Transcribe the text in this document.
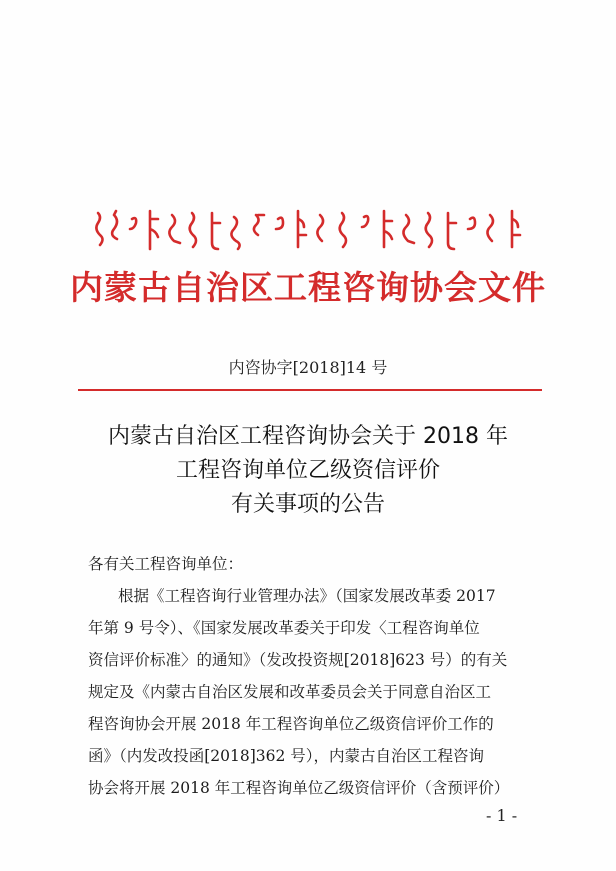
内蒙古自治区工程咨询协会文件
内咨协字[2018]14 号
内蒙古自治区工程咨询协会关于 2018 年
工程咨询单位乙级资信评价
有关事项的公告

各有关工程咨询单位：

根据《工程咨询行业管理办法》（国家发展改革委 2017

年第 9 号令）、《国家发展改革委关于印发〈工程咨询单位

资信评价标准〉的通知》（发改投资规[2018]623 号）的有关

规定及《内蒙古自治区发展和改革委员会关于同意自治区工

程咨询协会开展 2018 年工程咨询单位乙级资信评价工作的

函》（内发改投函[2018]362 号），内蒙古自治区工程咨询

协会将开展 2018 年工程咨询单位乙级资信评价（含预评价）

- 1 -
